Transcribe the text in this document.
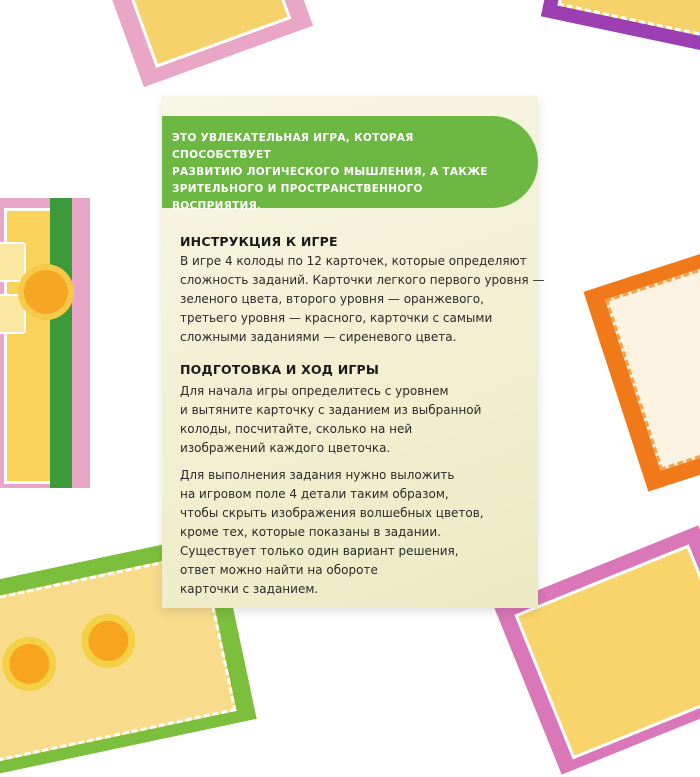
ЭТО УВЛЕКАТЕЛЬНАЯ ИГРА, КОТОРАЯ СПОСОБСТВУЕТ
РАЗВИТИЮ ЛОГИЧЕСКОГО МЫШЛЕНИЯ, А ТАКЖЕ
ЗРИТЕЛЬНОГО И ПРОСТРАНСТВЕННОГО ВОСПРИЯТИЯ.
ИНСТРУКЦИЯ К ИГРЕ
В игре 4 колоды по 12 карточек, которые определяют
сложность заданий. Карточки легкого первого уровня —
зеленого цвета, второго уровня — оранжевого,
третьего уровня — красного, карточки с самыми
сложными заданиями — сиреневого цвета.
ПОДГОТОВКА И ХОД ИГРЫ
Для начала игры определитесь с уровнем
и вытяните карточку с заданием из выбранной
колоды, посчитайте, сколько на ней
изображений каждого цветочка.
Для выполнения задания нужно выложить
на игровом поле 4 детали таким образом,
чтобы скрыть изображения волшебных цветов,
кроме тех, которые показаны в задании.
Существует только один вариант решения,
ответ можно найти на обороте
карточки с заданием.
